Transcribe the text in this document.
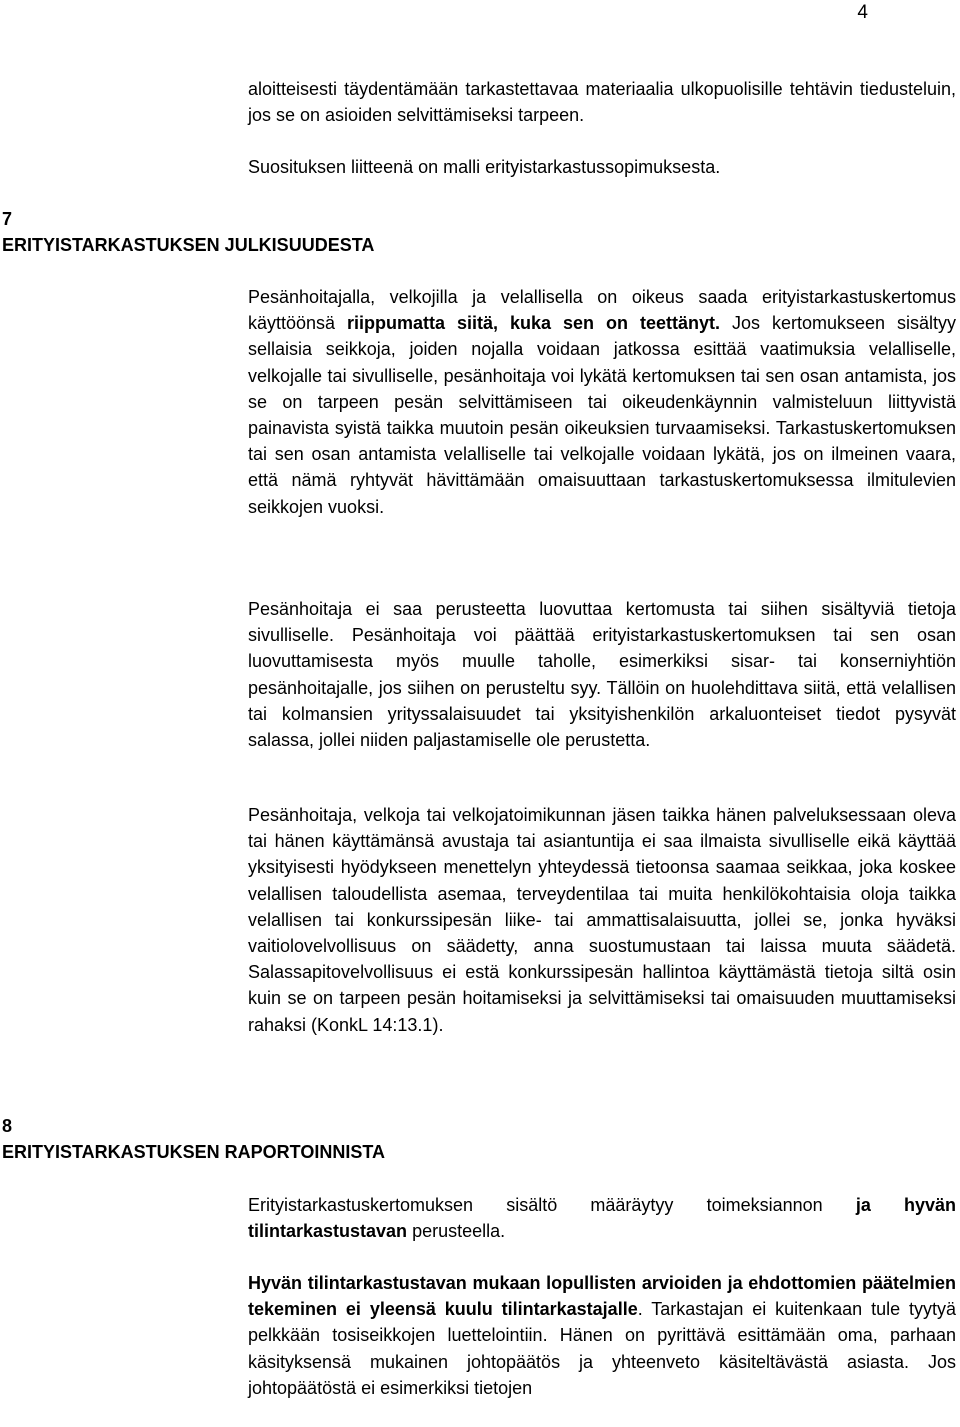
4

aloitteisesti täydentämään tarkastettavaa materiaalia ulkopuolisille tehtävin tiedusteluin, jos se on asioiden selvittämiseksi tarpeen.

Suosituksen liitteenä on malli erityistarkastussopimuksesta.

7
ERITYISTARKASTUKSEN JULKISUUDESTA

Pesänhoitajalla, velkojilla ja velallisella on oikeus saada erityistarkastuskertomus käyttöönsä riippumatta siitä, kuka sen on teettänyt. Jos kertomukseen sisältyy sellaisia seikkoja, joiden nojalla voidaan jatkossa esittää vaatimuksia velalliselle, velkojalle tai sivulliselle, pesänhoitaja voi lykätä kertomuksen tai sen osan antamista, jos se on tarpeen pesän selvittämiseen tai oikeudenkäynnin valmisteluun liittyvistä painavista syistä taikka muutoin pesän oikeuksien turvaamiseksi. Tarkastuskertomuksen tai sen osan antamista velalliselle tai velkojalle voidaan lykätä, jos on ilmeinen vaara, että nämä ryhtyvät hävittämään omaisuuttaan tarkastuskertomuksessa ilmitulevien seikkojen vuoksi.

Pesänhoitaja ei saa perusteetta luovuttaa kertomusta tai siihen sisältyviä tietoja sivulliselle. Pesänhoitaja voi päättää erityistarkastuskertomuksen tai sen osan luovuttamisesta myös muulle taholle, esimerkiksi sisar- tai konserniyhtiön pesänhoitajalle, jos siihen on perusteltu syy. Tällöin on huolehdittava siitä, että velallisen tai kolmansien yrityssalaisuudet tai yksityishenkilön arkaluonteiset tiedot pysyvät salassa, jollei niiden paljastamiselle ole perustetta.

Pesänhoitaja, velkoja tai velkojatoimikunnan jäsen taikka hänen palveluksessaan oleva tai hänen käyttämänsä avustaja tai asiantuntija ei saa ilmaista sivulliselle eikä käyttää yksityisesti hyödykseen menettelyn yhteydessä tietoonsa saamaa seikkaa, joka koskee velallisen taloudellista asemaa, terveydentilaa tai muita henkilökohtaisia oloja taikka velallisen tai konkurssipesän liike- tai ammattisalaisuutta, jollei se, jonka hyväksi vaitiolovelvollisuus on säädetty, anna suostumustaan tai laissa muuta säädetä. Salassapitovelvollisuus ei estä konkurssipesän hallintoa käyttämästä tietoja siltä osin kuin se on tarpeen pesän hoitamiseksi ja selvittämiseksi tai omaisuuden muuttamiseksi rahaksi (KonkL 14:13.1).

8
ERITYISTARKASTUKSEN RAPORTOINNISTA

Erityistarkastuskertomuksen sisältö määräytyy toimeksiannon ja hyvän tilintarkastustavan perusteella.

Hyvän tilintarkastustavan mukaan lopullisten arvioiden ja ehdottomien päätelmien tekeminen ei yleensä kuulu tilintarkastajalle. Tarkastajan ei kuitenkaan tule tyytyä pelkkään tosiseikkojen luettelointiin. Hänen on pyrittävä esittämään oma, parhaan käsityksensä mukainen johtopäätös ja yhteenveto käsiteltävästä asiasta. Jos johtopäätöstä ei esimerkiksi tietojen
